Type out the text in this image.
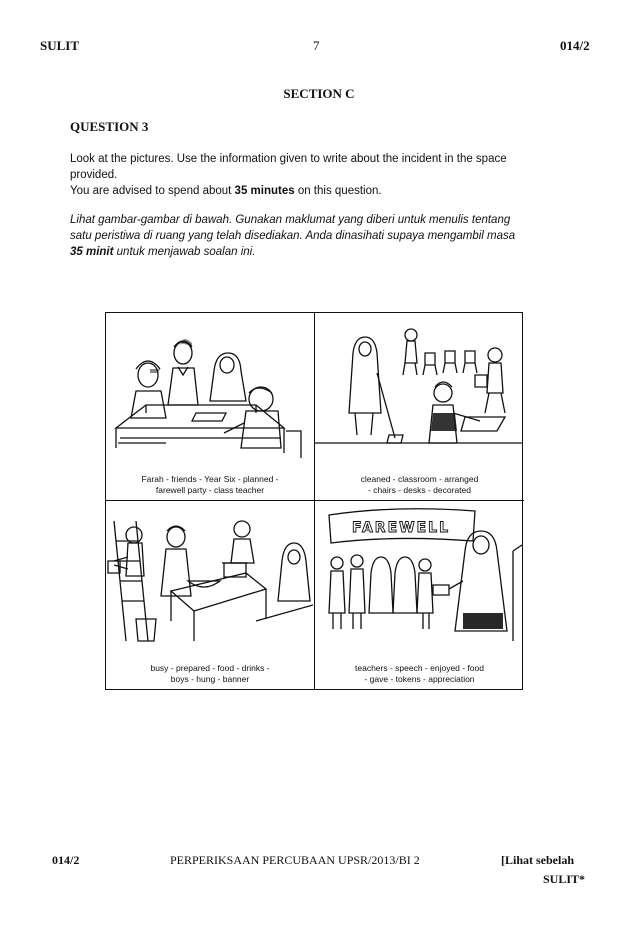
SULIT	7	014/2
SECTION C
QUESTION 3
Look at the pictures. Use the information given to write about the incident in the space
provided.
You are advised to spend about 35 minutes on this question.
Lihat gambar-gambar di bawah. Gunakan maklumat yang diberi untuk menulis tentang
satu peristiwa di ruang yang telah disediakan. Anda dinasihati supaya mengambil masa
35 minit untuk menjawab soalan ini.
Farah - friends - Year Six - planned -
farewell party - class teacher
cleaned - classroom - arranged
- chairs - desks - decorated
busy - prepared - food - drinks -
boys - hung - banner
FAREWELL
teachers - speech - enjoyed - food
- gave - tokens - appreciation
014/2	PERPERIKSAAN PERCUBAAN UPSR/2013/BI 2	[Lihat sebelah
SULIT*
